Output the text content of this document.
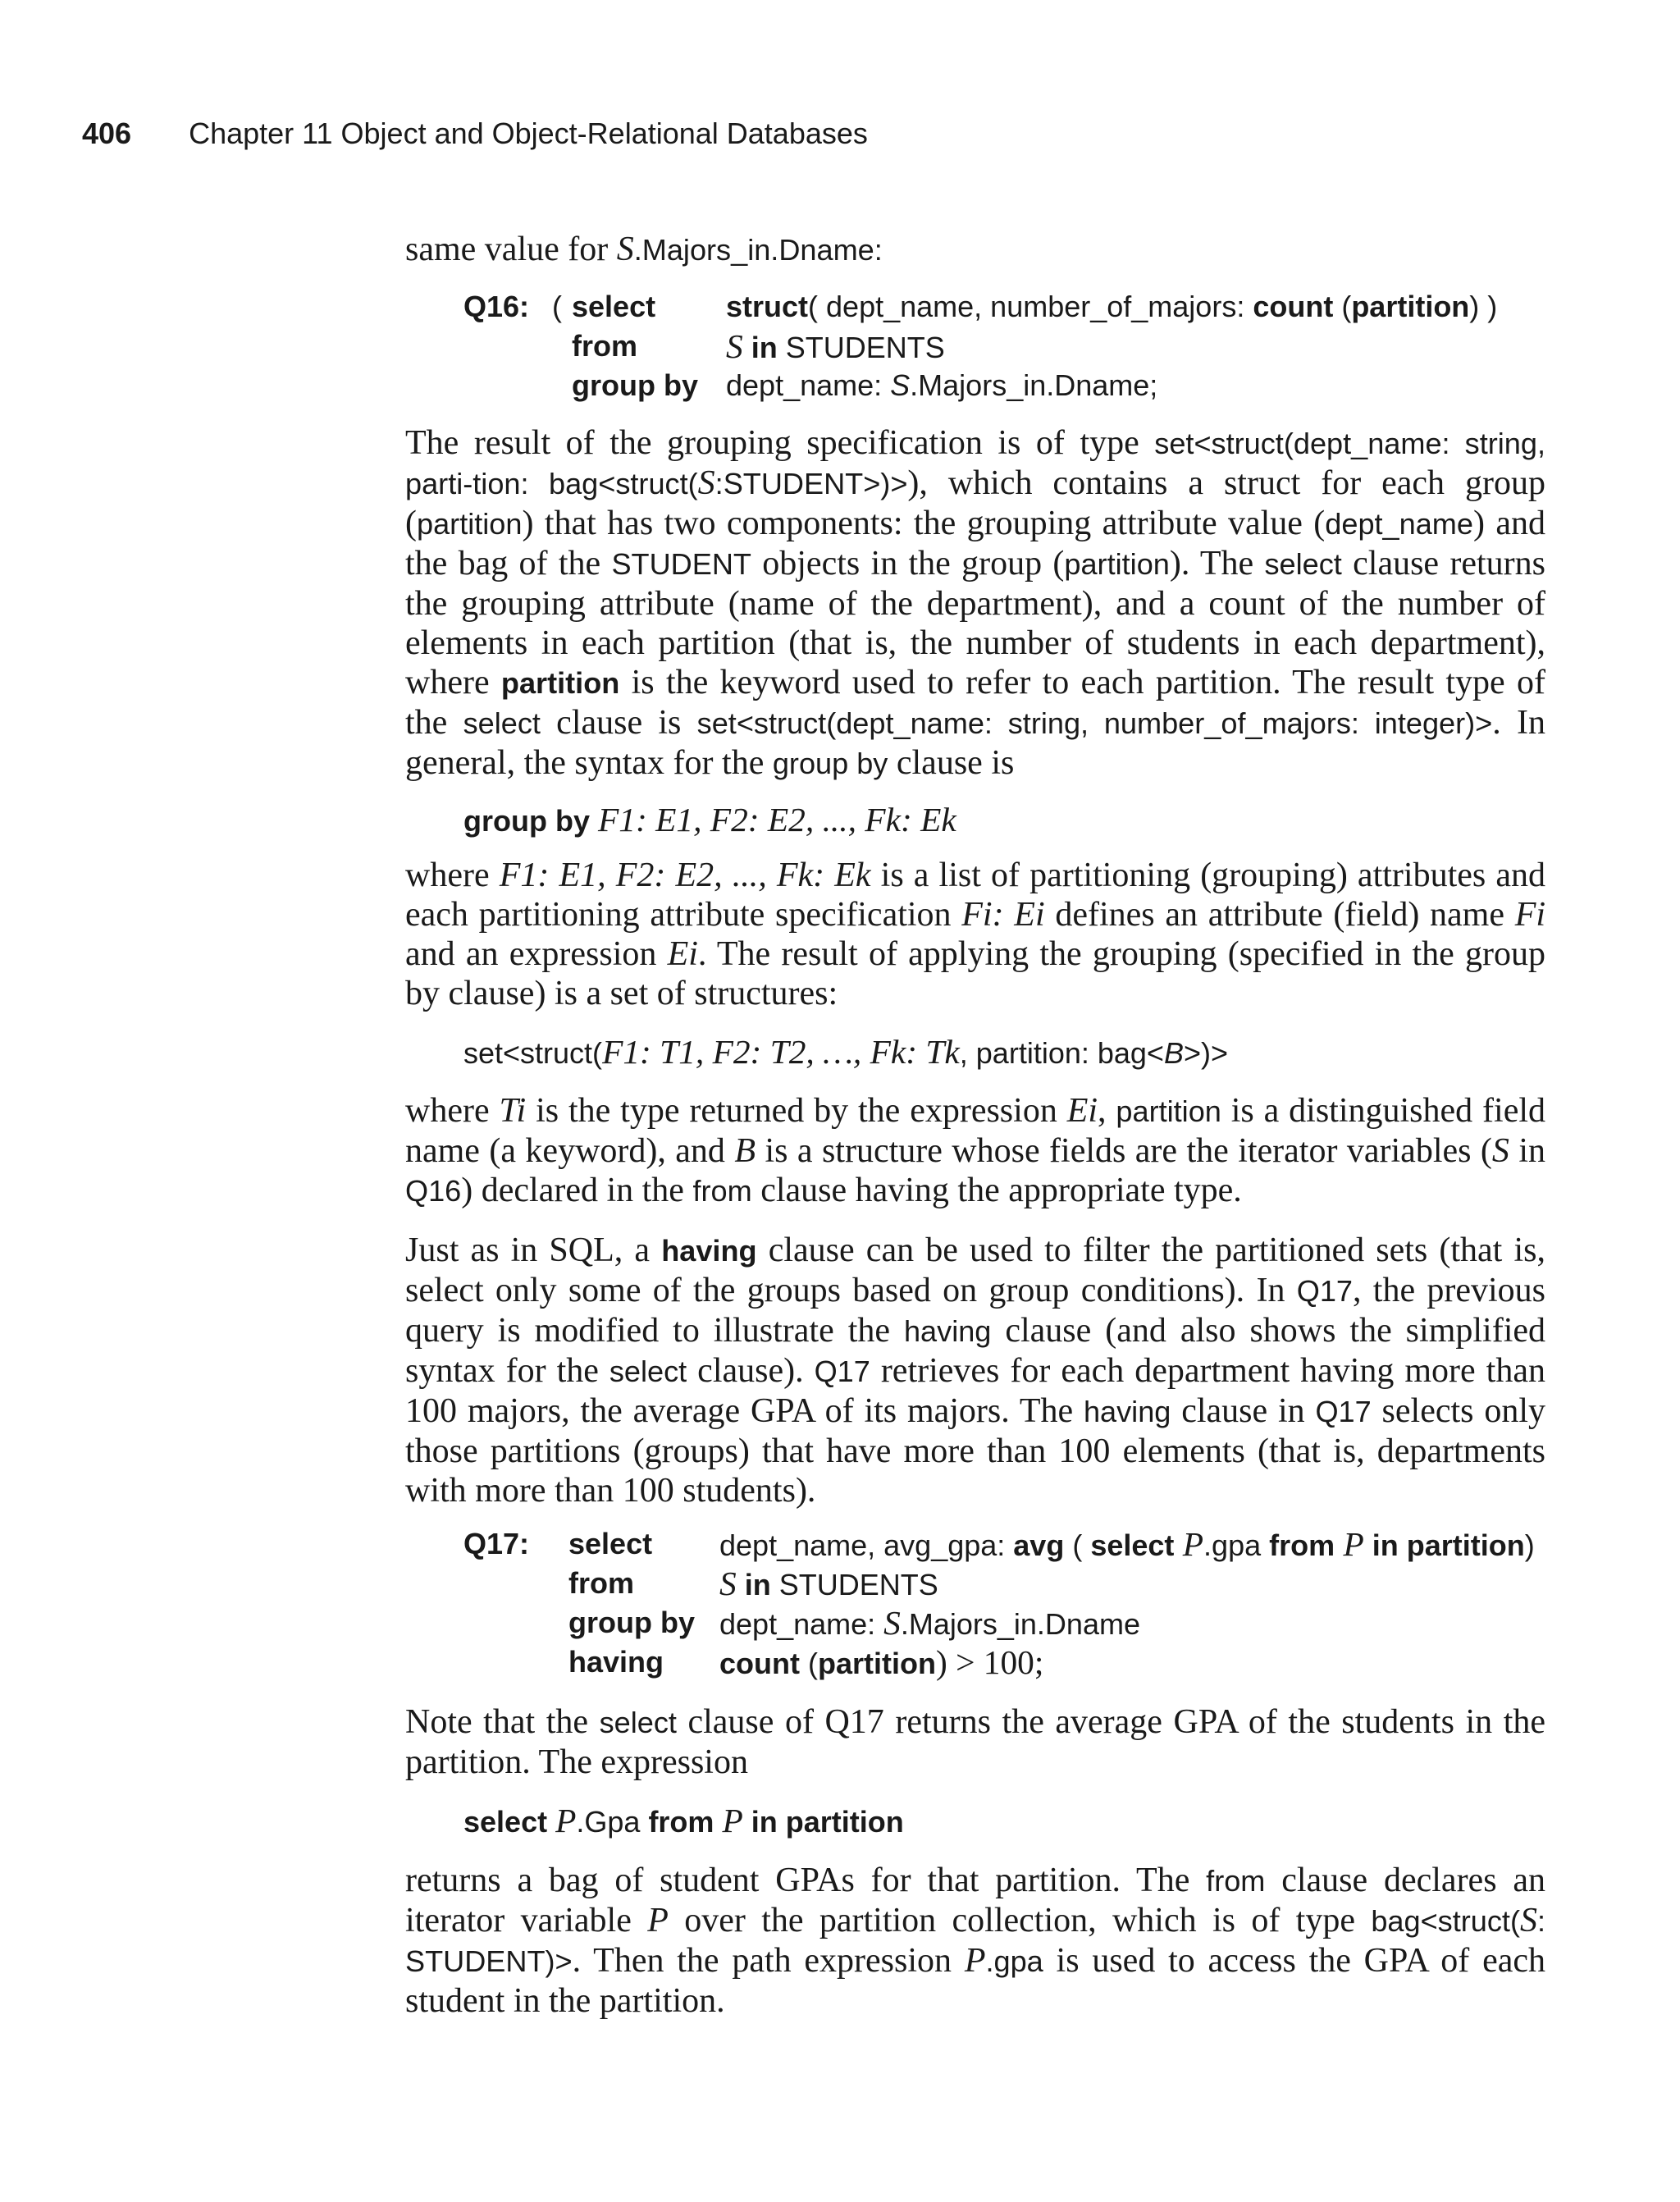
406 Chapter 11 Object and Object-Relational Databases
same value for S.Majors_in.Dname:
Q16: ( select struct( dept_name, number_of_majors: count (partition) )
from	S in STUDENTS
group by dept_name: S.Majors_in.Dname;
The result of the grouping specification is of type set<struct(dept_name: string, parti-tion: bag<struct(S:STUDENT>)>), which contains a struct for each group (partition) that has two components: the grouping attribute value (dept_name) and the bag of the STUDENT objects in the group (partition). The select clause returns the grouping attribute (name of the department), and a count of the number of elements in each partition (that is, the number of students in each department), where partition is the keyword used to refer to each partition. The result type of the select clause is set<struct(dept_name: string, number_of_majors: integer)>. In general, the syntax for the group by clause is
group by F1: E1, F2: E2, ..., Fk: Ek
where F1: E1, F2: E2, ..., Fk: Ek is a list of partitioning (grouping) attributes and each partitioning attribute specification Fi: Ei defines an attribute (field) name Fi and an expression Ei. The result of applying the grouping (specified in the group by clause) is a set of structures:
set<struct(F1: T1, F2: T2, …, Fk: Tk, partition: bag<B>)>
where Ti is the type returned by the expression Ei, partition is a distinguished field name (a keyword), and B is a structure whose fields are the iterator variables (S in Q16) declared in the from clause having the appropriate type.
Just as in SQL, a having clause can be used to filter the partitioned sets (that is, select only some of the groups based on group conditions). In Q17, the previous query is modified to illustrate the having clause (and also shows the simplified syntax for the select clause). Q17 retrieves for each department having more than 100 majors, the average GPA of its majors. The having clause in Q17 selects only those partitions (groups) that have more than 100 elements (that is, departments with more than 100 students).
Q17: select dept_name, avg_gpa: avg ( select P.gpa from P in partition)
from	S in STUDENTS
group by dept_name: S.Majors_in.Dname
having count (partition) > 100;
Note that the select clause of Q17 returns the average GPA of the students in the partition. The expression
select P.Gpa from P in partition
returns a bag of student GPAs for that partition. The from clause declares an iterator variable P over the partition collection, which is of type bag<struct(S: STUDENT)>. Then the path expression P.gpa is used to access the GPA of each student in the partition.
